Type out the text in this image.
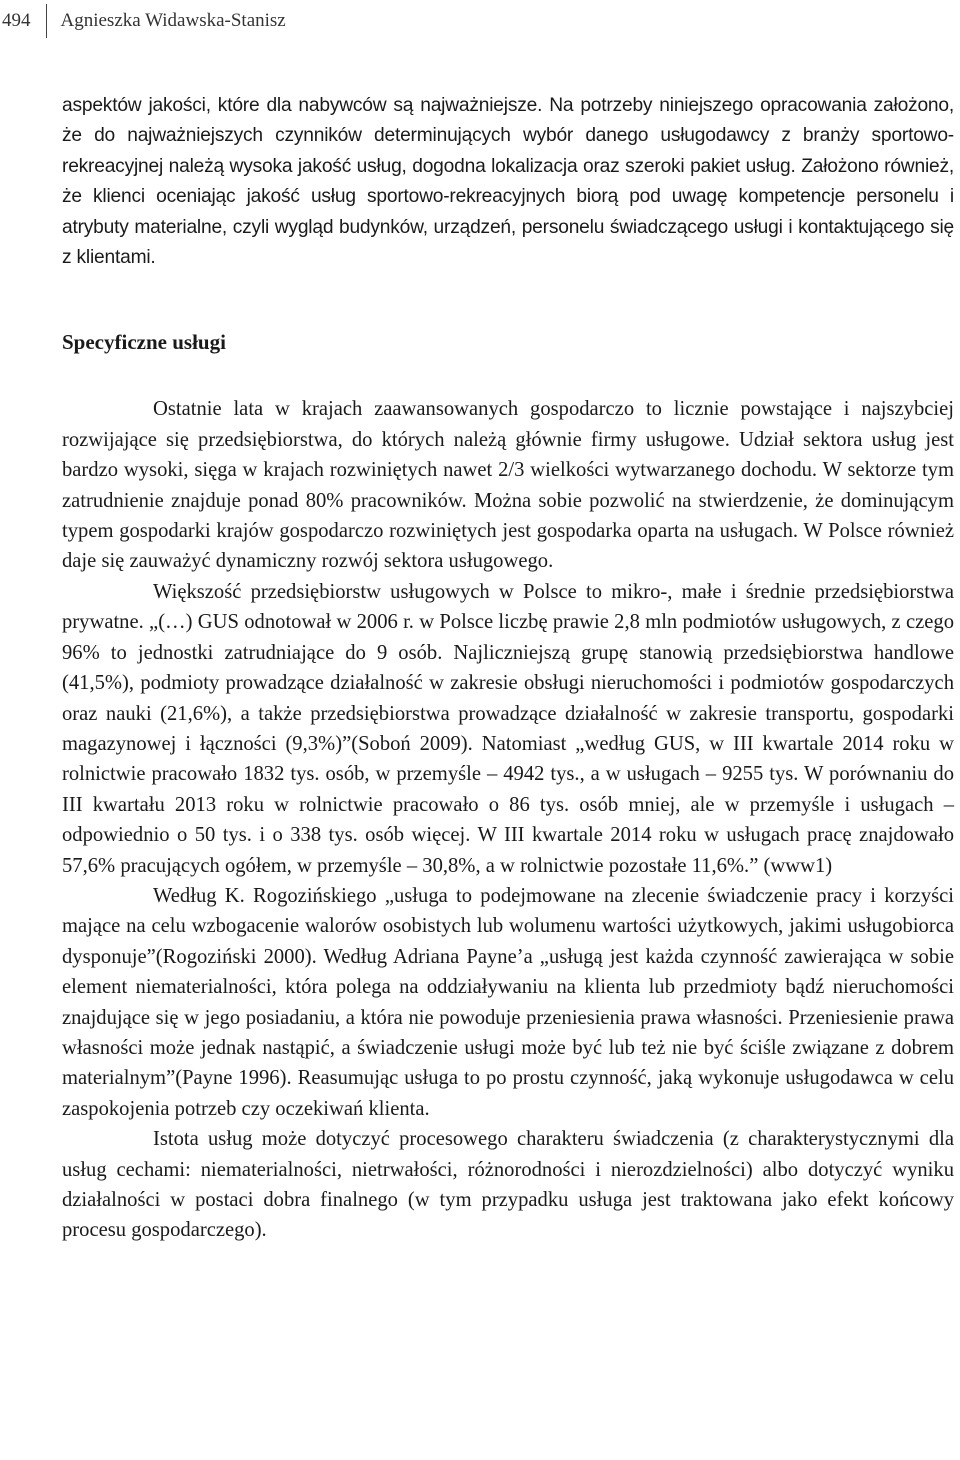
494	Agnieszka Widawska-Stanisz

aspektów jakości, które dla nabywców są najważniejsze. Na potrzeby niniejszego opracowania założono, że do najważniejszych czynników determinujących wybór danego usługodawcy z branży sportowo-rekreacyjnej należą wysoka jakość usług, dogodna lokalizacja oraz szeroki pakiet usług. Założono również, że klienci oceniając jakość usług sportowo-rekreacyjnych biorą pod uwagę kompetencje personelu i atrybuty materialne, czyli wygląd budynków, urządzeń, personelu świadczącego usługi i kontaktującego się z klientami.

Specyficzne usługi

Ostatnie lata w krajach zaawansowanych gospodarczo to licznie powstające i najszybciej rozwijające się przedsiębiorstwa, do których należą głównie firmy usługowe. Udział sektora usług jest bardzo wysoki, sięga w krajach rozwiniętych nawet 2/3 wielkości wytwarzanego dochodu. W sektorze tym zatrudnienie znajduje ponad 80% pracowników. Można sobie pozwolić na stwierdzenie, że dominującym typem gospodarki krajów gospodarczo rozwiniętych jest gospodarka oparta na usługach. W Polsce również daje się zauważyć dynamiczny rozwój sektora usługowego.

Większość przedsiębiorstw usługowych w Polsce to mikro-, małe i średnie przedsiębiorstwa prywatne. „(…) GUS odnotował w 2006 r. w Polsce liczbę prawie 2,8 mln podmiotów usługowych, z czego 96% to jednostki zatrudniające do 9 osób. Najliczniejszą grupę stanowią przedsiębiorstwa handlowe (41,5%), podmioty prowadzące działalność w zakresie obsługi nieruchomości i podmiotów gospodarczych oraz nauki (21,6%), a także przedsiębiorstwa prowadzące działalność w zakresie transportu, gospodarki magazynowej i łączności (9,3%)”(Soboń 2009). Natomiast „według GUS, w III kwartale 2014 roku w rolnictwie pracowało 1832 tys. osób, w przemyśle – 4942 tys., a w usługach – 9255 tys. W porównaniu do III kwartału 2013 roku w rolnictwie pracowało o 86 tys. osób mniej, ale w przemyśle i usługach – odpowiednio o 50 tys. i o 338 tys. osób więcej. W III kwartale 2014 roku w usługach pracę znajdowało 57,6% pracujących ogółem, w przemyśle – 30,8%, a w rolnictwie pozostałe 11,6%.” (www1)

Według K. Rogozińskiego „usługa to podejmowane na zlecenie świadczenie pracy i korzyści mające na celu wzbogacenie walorów osobistych lub wolumenu wartości użytkowych, jakimi usługobiorca dysponuje”(Rogoziński 2000). Według Adriana Payne’a „usługą jest każda czynność zawierająca w sobie element niematerialności, która polega na oddziaływaniu na klienta lub przedmioty bądź nieruchomości znajdujące się w jego posiadaniu, a która nie powoduje przeniesienia prawa własności. Przeniesienie prawa własności może jednak nastąpić, a świadczenie usługi może być lub też nie być ściśle związane z dobrem materialnym”(Payne 1996). Reasumując usługa to po prostu czynność, jaką wykonuje usługodawca w celu zaspokojenia potrzeb czy oczekiwań klienta.

Istota usług może dotyczyć procesowego charakteru świadczenia (z charakterystycznymi dla usług cechami: niematerialności, nietrwałości, różnorodności i nierozdzielności) albo dotyczyć wyniku działalności w postaci dobra finalnego (w tym przypadku usługa jest traktowana jako efekt końcowy procesu gospodarczego).
